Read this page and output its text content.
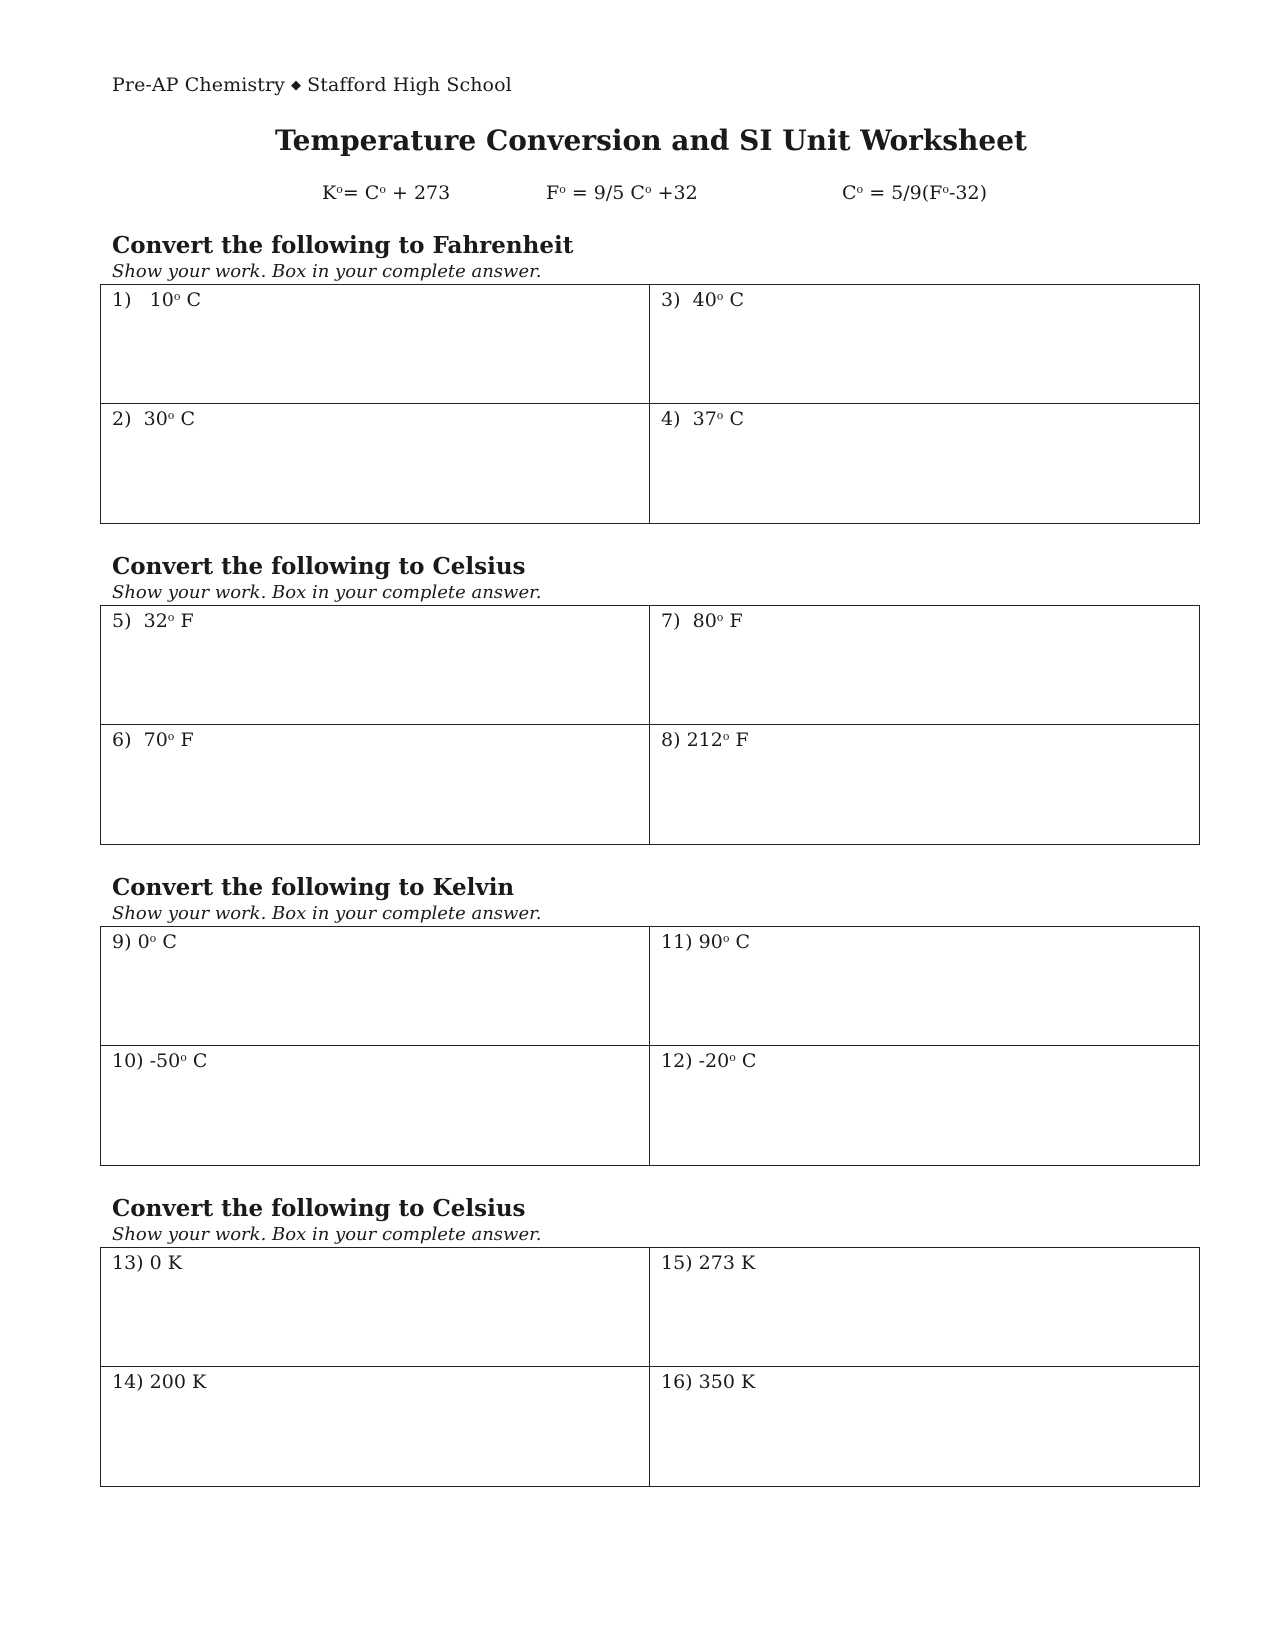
Pre-AP Chemistry ◆ Stafford High School
Temperature Conversion and SI Unit Worksheet
$K^o= C^o + 273$	$F^o = 9/5$ $C^o +32$	$C^o = 5/9(F^o-32)$
Convert the following to Fahrenheit
Show your work. Box in your complete answer.
1) 10$^o$ C	3) 40$^o$ C
2) 30$^o$ C	4) 37$^o$ C
Convert the following to Celsius
Show your work. Box in your complete answer.
5) 32$^o$ F	7) 80$^o$ F
6) 70$^o$ F	8) 212$^o$ F
Convert the following to Kelvin
Show your work. Box in your complete answer.
9) 0$^o$ C	11) 90$^o$ C
10) -50$^o$ C	12) -20$^o$ C
Convert the following to Celsius
Show your work. Box in your complete answer.
13) 0 K	15) 273 K
14) 200 K	16) 350 K
